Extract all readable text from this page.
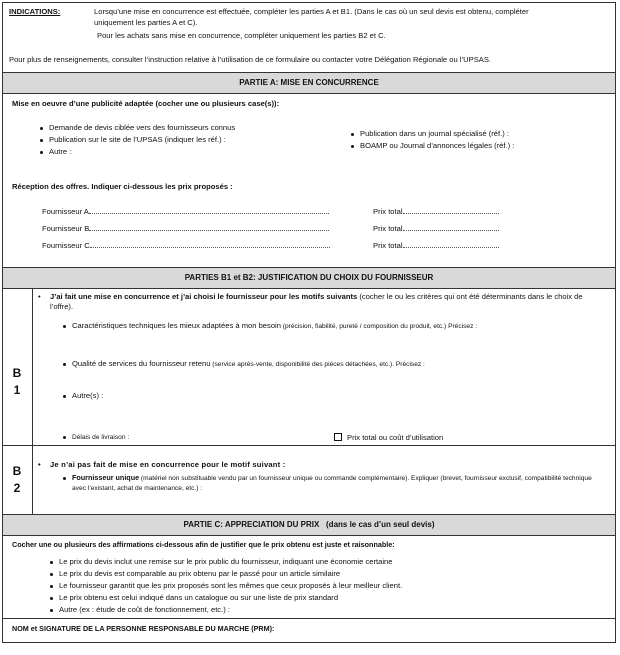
INDICATIONS:	Lorsqu’une mise en concurrence est effectuée, compléter les parties A et B1. (Dans le cas où un seul devis est obtenu, compléter
uniquement les parties A et C).
Pour les achats sans mise en concurrence, compléter uniquement les parties B2 et C.
Pour plus de renseignements, consulter l’instruction relative à l’utilisation de ce formulaire ou contacter votre Délégation Régionale ou l’UPSAS.
PARTIE A: MISE EN CONCURRENCE
Mise en oeuvre d’une publicité adaptée (cocher une ou plusieurs case(s)):
Demande de devis ciblée vers des fournisseurs connus
Publication sur le site de l’UPSAS (indiquer les réf.) :
Autre :
Publication dans un journal spécialisé (réf.) :
BOAMP ou Journal d’annonces légales (réf.) :
Réception des offres. Indiquer ci-dessous les prix proposés :
Fournisseur A	Prix total
Fournisseur B	Prix total
Fournisseur C	Prix total
PARTIES B1 et B2: JUSTIFICATION DU CHOIX DU FOURNISSEUR
B
1
J’ai fait une mise en concurrence et j’ai choisi le fournisseur pour les motifs suivants (cocher le ou les critères qui ont été déterminants dans le choix de l’offre).
Caractéristiques techniques les mieux adaptées à mon besoin (précision, fiabilité, pureté / composition du produit, etc.) Précisez :
Qualité de services du fournisseur retenu (service après-vente, disponibilité des pièces détachées, etc.). Précisez :
Autre(s) :
Délais de livraison :	Prix total ou coût d’utilisation
B
2
Je n’ai pas fait de mise en concurrence pour le motif suivant :
Fournisseur unique (matériel non substituable vendu par un fournisseur unique ou commande complémentaire). Expliquer (brevet, fournisseur exclusif, compatibilité technique avec l’existant, achat de maintenance, etc.) :
PARTIE C: APPRECIATION DU PRIX (dans le cas d’un seul devis)
Cocher une ou plusieurs des affirmations ci-dessous afin de justifier que le prix obtenu est juste et raisonnable:
Le prix du devis inclut une remise sur le prix public du fournisseur, indiquant une économie certaine
Le prix du devis est comparable au prix obtenu par le passé pour un article similaire
Le fournisseur garantit que les prix proposés sont les mêmes que ceux proposés à leur meilleur client.
Le prix obtenu est celui indiqué dans un catalogue ou sur une liste de prix standard
Autre (ex : étude de coût de fonctionnement, etc.) :
NOM et SIGNATURE DE LA PERSONNE RESPONSABLE DU MARCHE (PRM):
